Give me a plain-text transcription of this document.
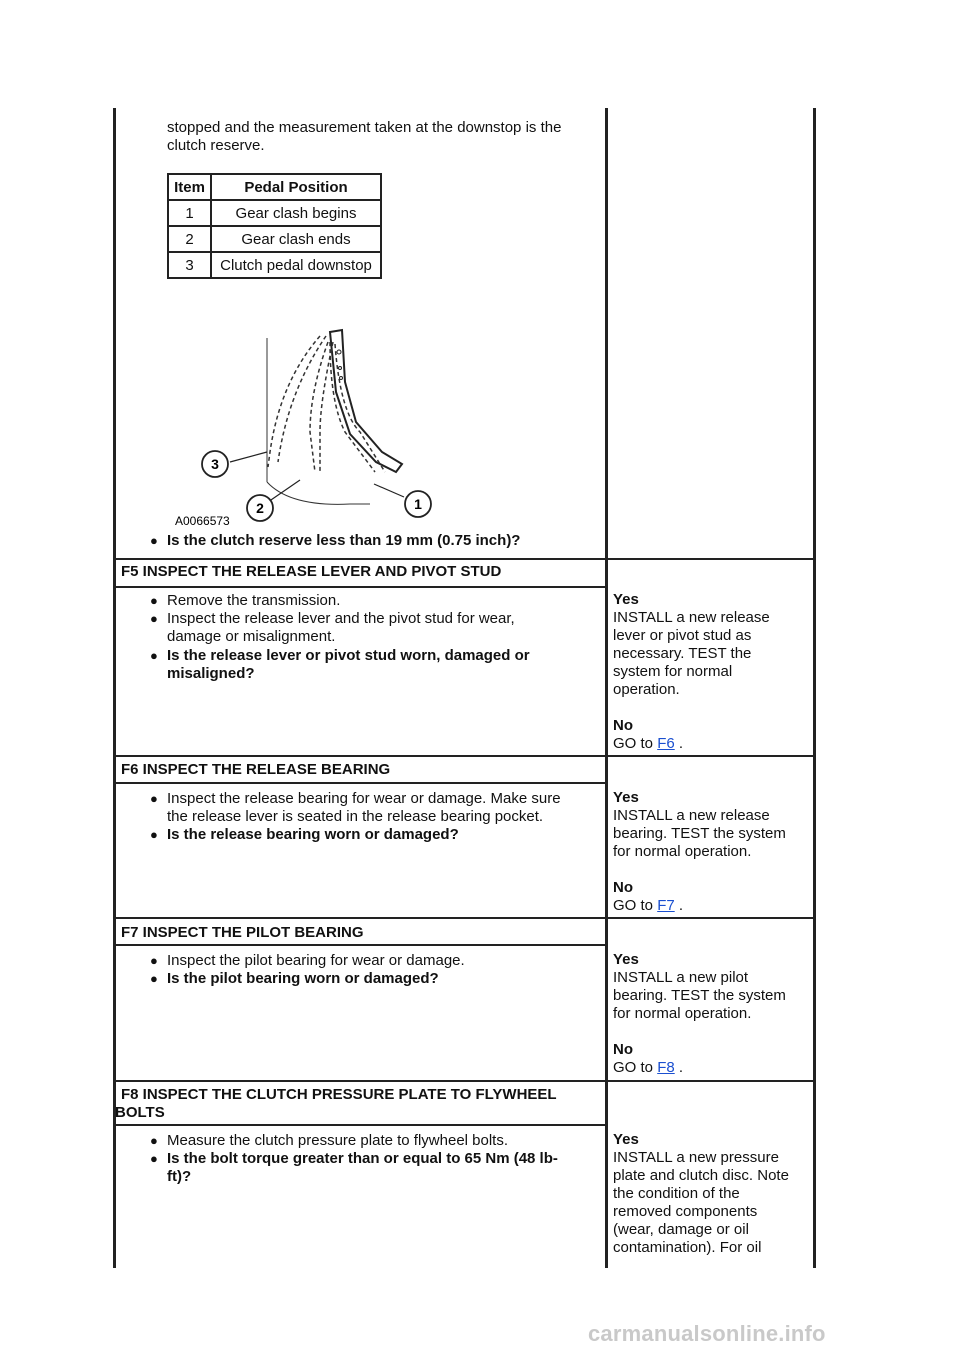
stopped and the measurement taken at the downstop is the
clutch reserve.
Item	Pedal Position
1	Gear clash begins
2	Gear clash ends
3	Clutch pedal downstop
3
2	1
A0066573
● Is the clutch reserve less than 19 mm (0.75 inch)?
F5 INSPECT THE RELEASE LEVER AND PIVOT STUD
● Remove the transmission.
● Inspect the release lever and the pivot stud for wear,
damage or misalignment.
● Is the release lever or pivot stud worn, damaged or
misaligned?
Yes
INSTALL a new release
lever or pivot stud as
necessary. TEST the
system for normal
operation.
No
GO to F6 .
F6 INSPECT THE RELEASE BEARING
● Inspect the release bearing for wear or damage. Make sure
the release lever is seated in the release bearing pocket.
● Is the release bearing worn or damaged?
Yes
INSTALL a new release
bearing. TEST the system
for normal operation.
No
GO to F7 .
F7 INSPECT THE PILOT BEARING
● Inspect the pilot bearing for wear or damage.
● Is the pilot bearing worn or damaged?
Yes
INSTALL a new pilot
bearing. TEST the system
for normal operation.
No
GO to F8 .
F8 INSPECT THE CLUTCH PRESSURE PLATE TO FLYWHEEL
BOLTS
● Measure the clutch pressure plate to flywheel bolts.
● Is the bolt torque greater than or equal to 65 Nm (48 lb-
ft)?
Yes
INSTALL a new pressure
plate and clutch disc. Note
the condition of the
removed components
(wear, damage or oil
contamination). For oil
carmanualsonline.info
